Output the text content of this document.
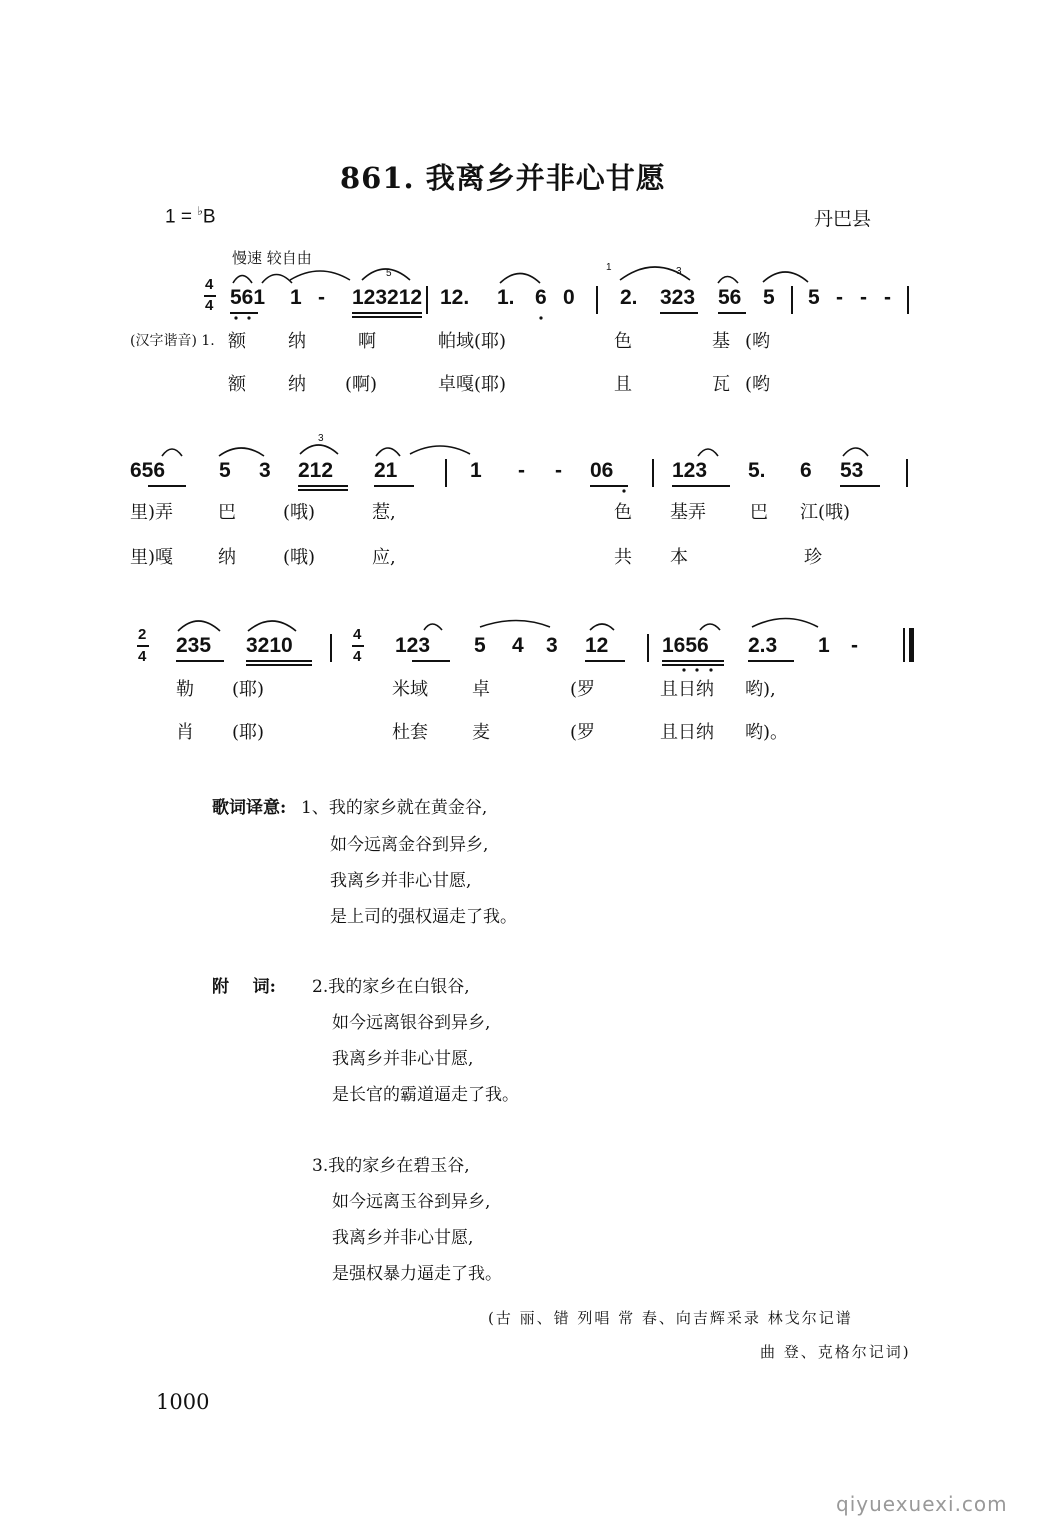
861. 我离乡并非心甘愿
1 = ♭B	丹巴县
慢速 较自由
4
4 561 1 - 123212 12. 1. 6 0 2. 323 56 5 5 - - -
(汉字谐音) 1. 额 纳	啊	帕域(耶)	色	基 (哟
额 纳 (啊)	卓嘎(耶)	且	瓦 (哟
656	5 3 212 21	1 - - 06	123 5. 6 53
里)弄 巴	(哦)	惹,	色 基弄 巴 江(哦)
里)嘎 纳	(哦)	应,	共 本	珍
2
4 235 3210	4
4 123 5 4 3 12	1656 2.3 1 -
勒 (耶)	米域 卓	(罗	且日纳 哟),
肖 (耶)	杜套 麦	(罗	且日纳 哟)。
5	3
3
1
歌词译意: 1、我的家乡就在黄金谷,
如今远离金谷到异乡,
我离乡并非心甘愿,
是上司的强权逼走了我。
附    词: 2.我的家乡在白银谷,
如今远离银谷到异乡,
我离乡并非心甘愿,
是长官的霸道逼走了我。
3.我的家乡在碧玉谷,
如今远离玉谷到异乡,
我离乡并非心甘愿,
是强权暴力逼走了我。
(古 丽、错 列唱 常 春、向吉辉采录 林戈尔记谱
曲 登、克格尔记词)
1000
qiyuexuexi.com
